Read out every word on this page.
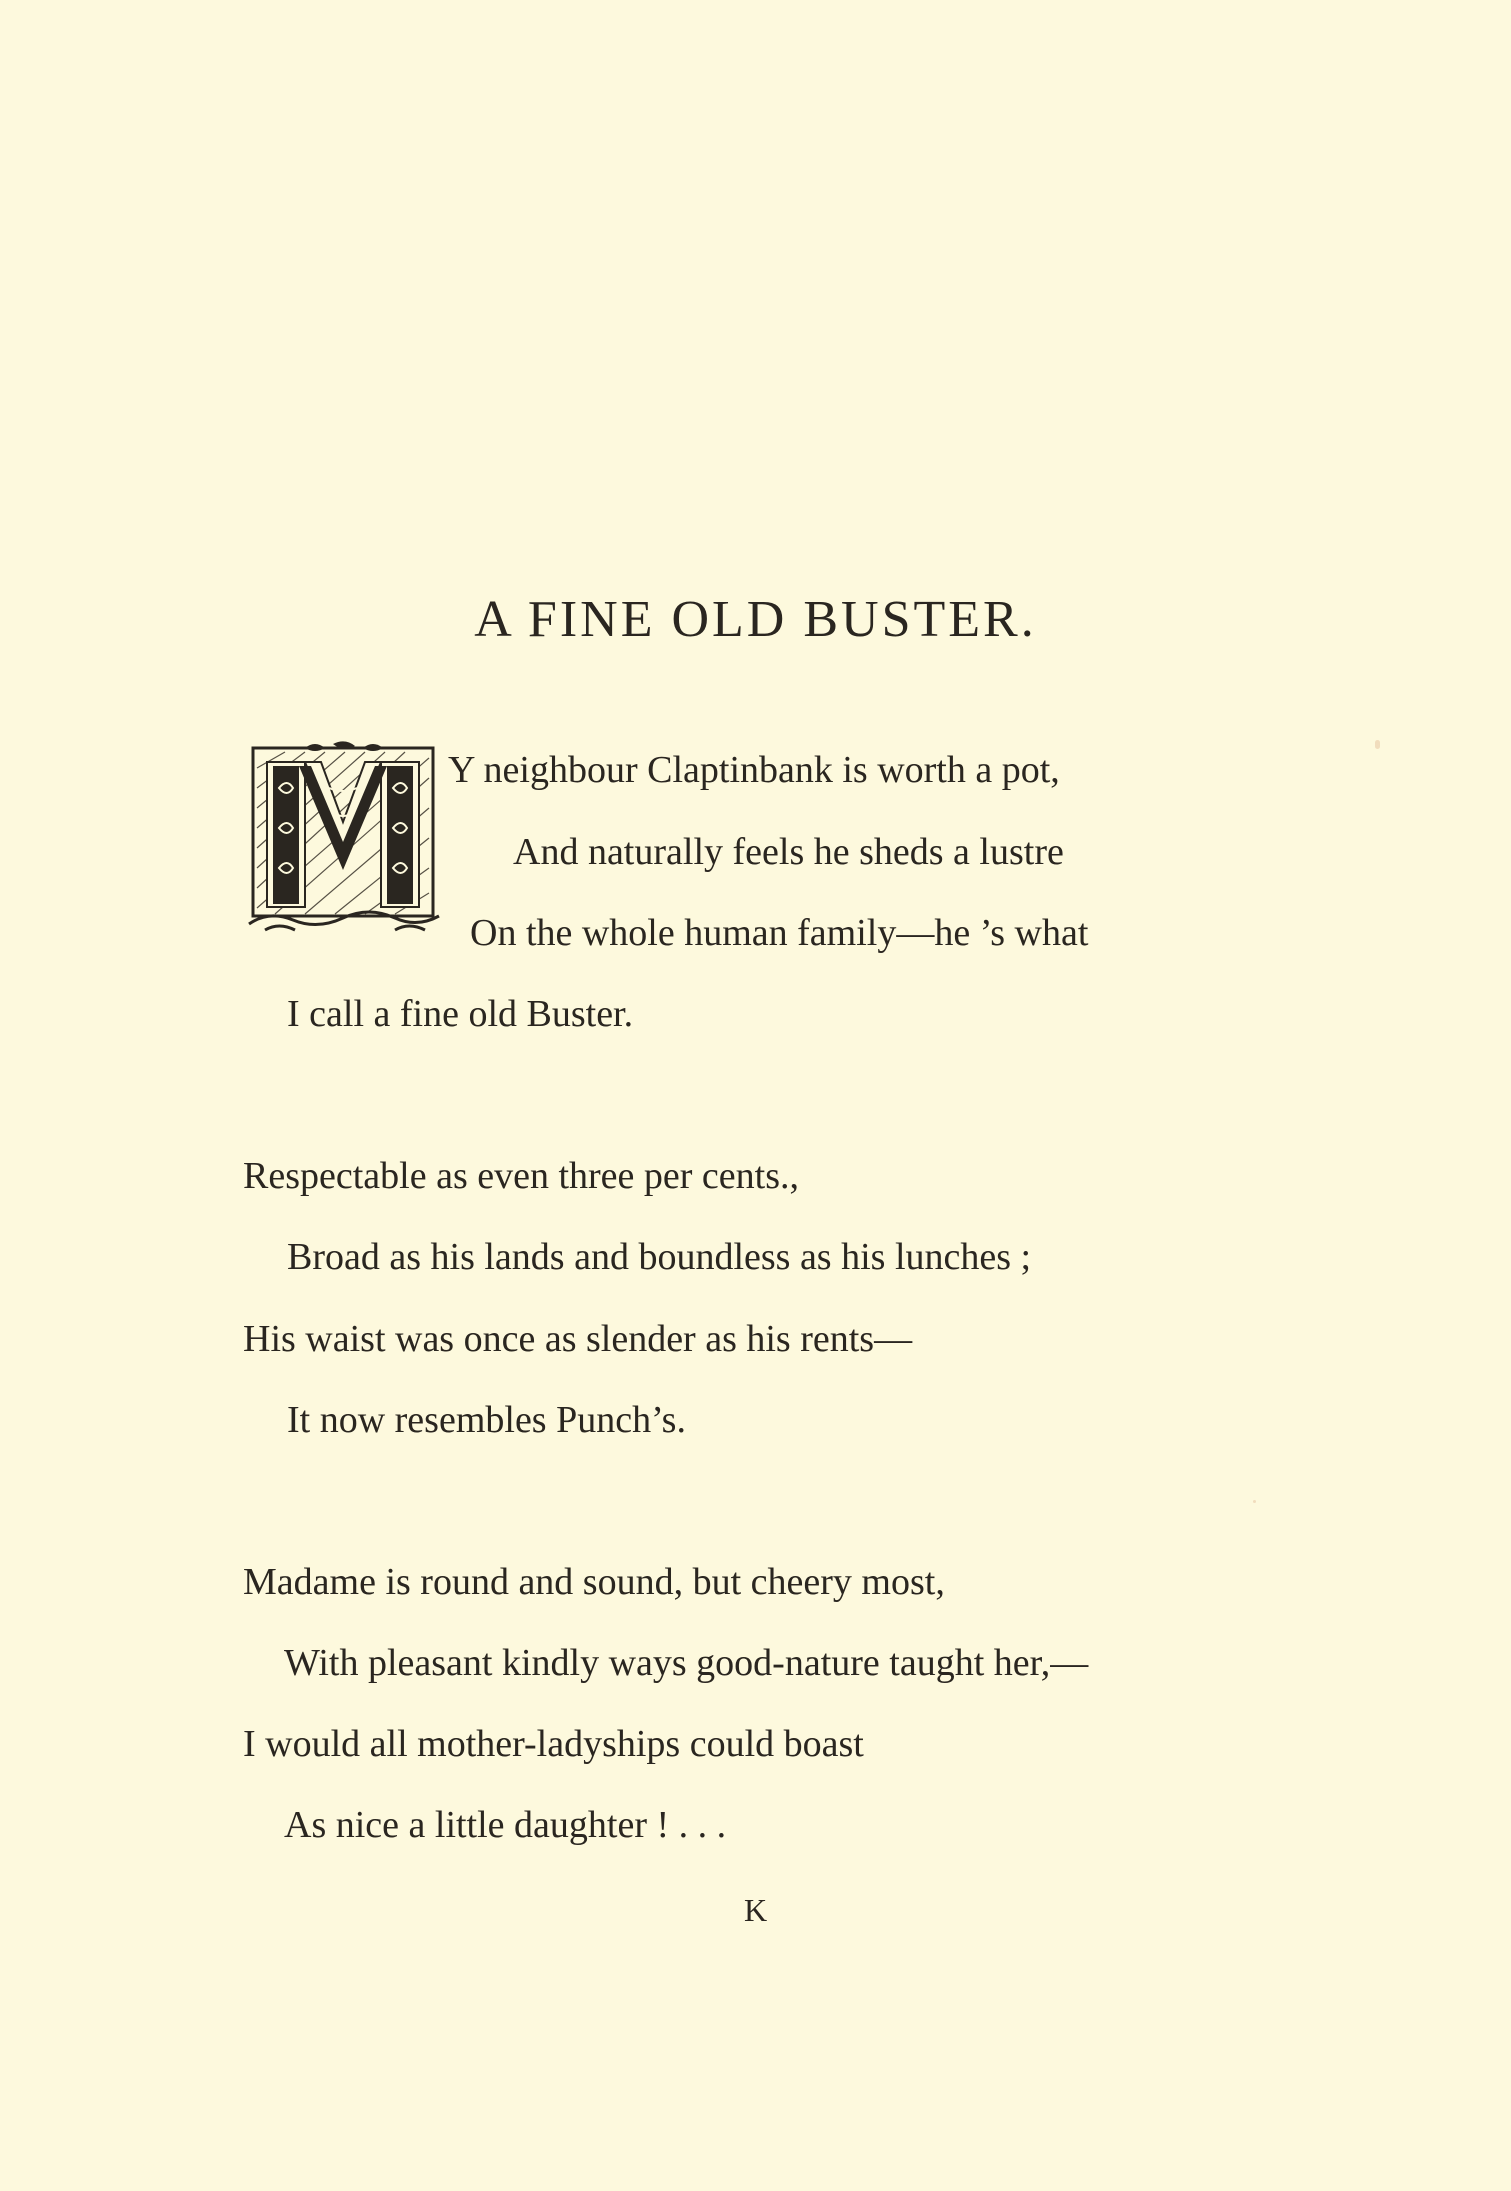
A FINE OLD BUSTER.
Y neighbour Claptinbank is worth a pot,
And naturally feels he sheds a lustre
On the whole human family—he ’s what
I call a fine old Buster.
Respectable as even three per cents.,
Broad as his lands and boundless as his lunches ;
His waist was once as slender as his rents—
It now resembles Punch’s.
Madame is round and sound, but cheery most,
With pleasant kindly ways good-nature taught her,—
I would all mother-ladyships could boast
As nice a little daughter ! . . .
K
